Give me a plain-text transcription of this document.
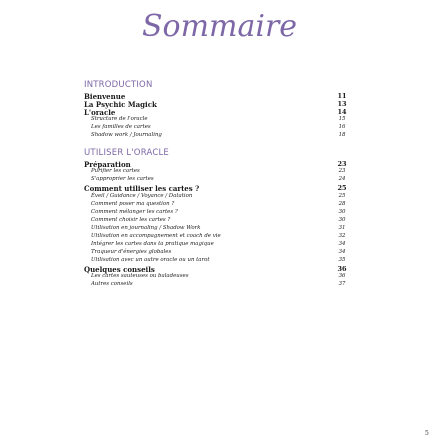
Sommaire
INTRODUCTION
Bienvenue	11
La Psychic Magick	13
L'oracle	14
Structure de l'oracle	15
Les familles de cartes	16
Shadow work / Journaling	18
UTILISER L'ORACLE
Préparation	23
Purifier les cartes	23
S'approprier les cartes	24
Comment utiliser les cartes ?	25
Éveil / Guidance / Voyance / Datation	25
Comment poser ma question ?	28
Comment mélanger les cartes ?	30
Comment choisir les cartes ?	30
Utilisation en journaling / Shadow Work	31
Utilisation en accompagnement et coach de vie	32
Intégrer les cartes dans ta pratique magique	34
Traqueur d'énergies globales	34
Utilisation avec un autre oracle ou un tarot	35
Quelques conseils	36
Les cartes sauteuses ou baladeuses	36
Autres conseils	37
5
